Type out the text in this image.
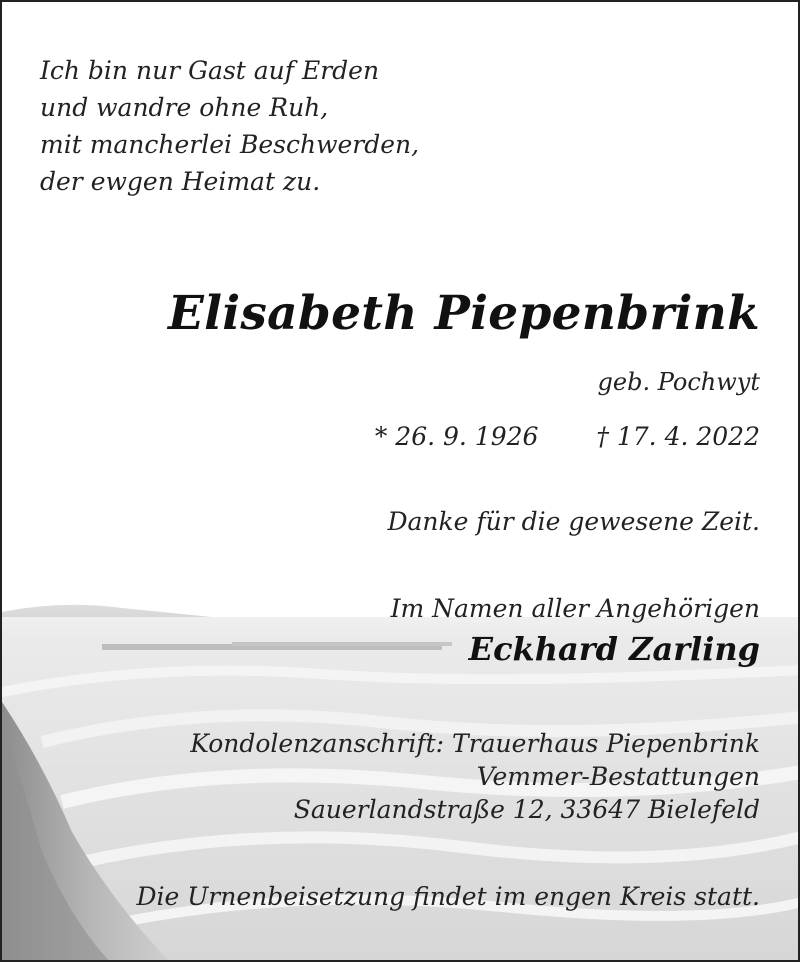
Ich bin nur Gast auf Erden
und wandre ohne Ruh,
mit mancherlei Beschwerden,
der ewgen Heimat zu.
Elisabeth Piepenbrink
geb. Pochwyt
* 26. 9. 1926 † 17. 4. 2022
Danke für die gewesene Zeit.
Im Namen aller Angehörigen
Eckhard Zarling
Kondolenzanschrift: Trauerhaus Piepenbrink
Vemmer-Bestattungen
Sauerlandstraße 12, 33647 Bielefeld
Die Urnenbeisetzung findet im engen Kreis statt.
